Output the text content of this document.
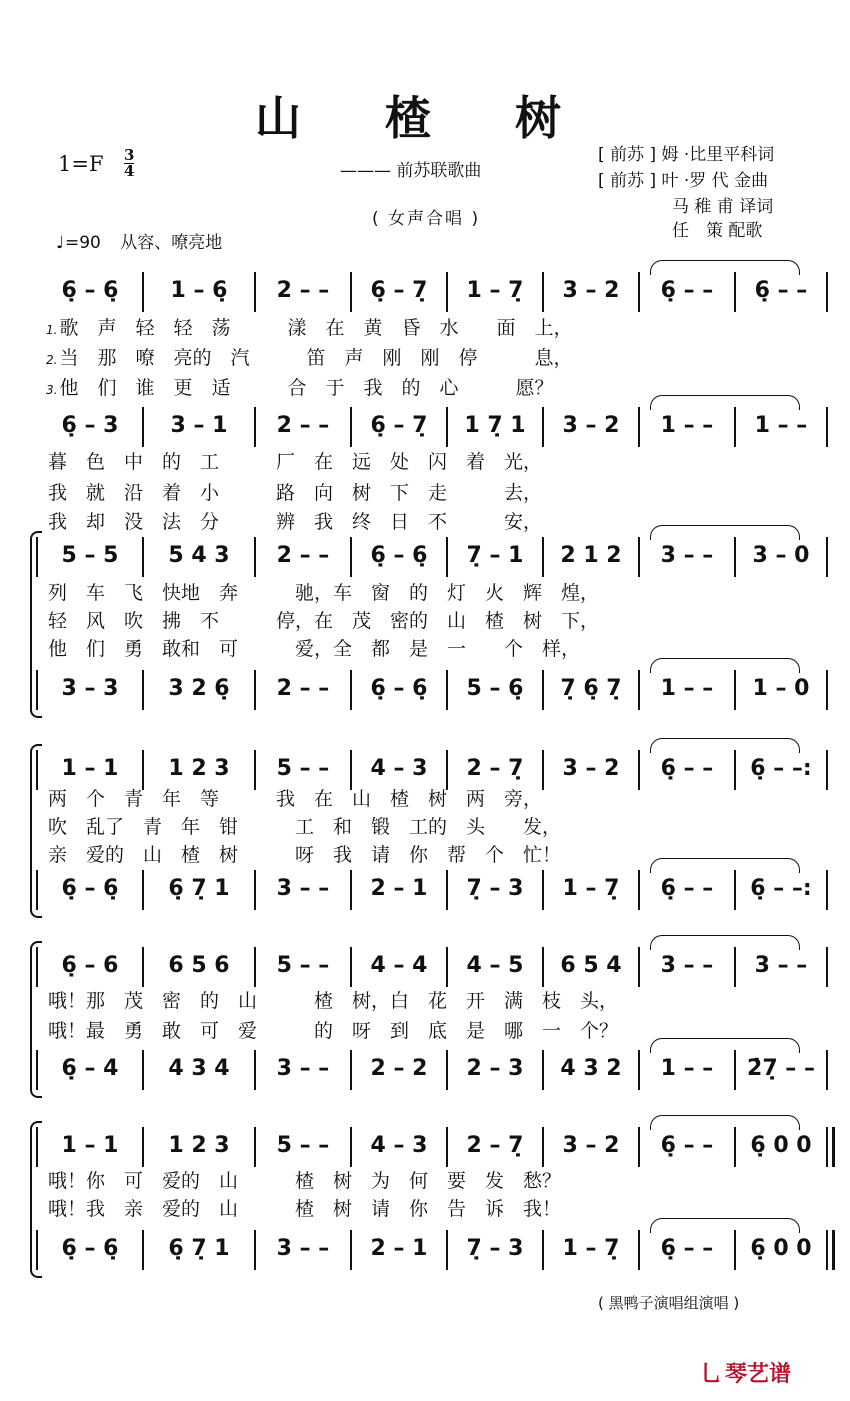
山 楂 树
1=F 3
4	——— 前苏联歌曲
( 女声合唱 )
♩=90 从容、嘹亮地
[ 前苏 ] 姆 ·比里平科词
[ 前苏 ] 叶 ·罗 代 金曲
马 稚 甫 译词
任　策 配歌
6̣ – 6̣	1 – 6̣	2 – –	6̣ – 7̣	1 – 7̣	3 – 2	6̣ – –	6̣ – –
1. 歌　声　轻　轻　荡　　　漾　在　黄　昏　水　　面　上，
2. 当　那　嘹　亮的　汽　　　笛　声　刚　刚　停　　　息，
3. 他　们　谁　更　适　　　合　于　我　的　心　　　愿？
6̣ – 3	3 – 1	2 – –	6̣ – 7̣	1 7̣ 1	3 – 2	1 – –	1 – –
暮　色　中　的　工　　　厂　在　远　处　闪　着　光，
我　就　沿　着　小　　　路　向　树　下　走　　　去，
我　却　没　法　分　　　辨　我　终　日　不　　　安，
5 – 5	5 4 3	2 – –	6̣ – 6̣	7̣ – 1	2 1 2	3 – –	3 – 0
列　车　飞　快地　奔　　　驰，车　窗　的　灯　火　辉　煌，
轻　风　吹　拂　不　　　停，在　茂　密的　山　楂　树　下，
他　们　勇　敢和　可　　　爱，全　都　是　一　　个　样，
3 – 3	3 2 6̣	2 – –	6̣ – 6̣	5 – 6̣	7̣ 6̣ 7̣	1 – –	1 – 0
1 – 1	1 2 3	5 – –	4 – 3	2 – 7̣	3 – 2	6̣ – –	6̣ – –:
两　个　青　年　等　　　我　在　山　楂　树　两　旁，
吹　乱了　青　年　钳　　　工　和　锻　工的　头　　发，
亲　爱的　山　楂　树　　　呀　我　请　你　帮　个　忙！
6̣ – 6̣	6̣ 7̣ 1	3 – –	2 – 1	7̣ – 3	1 – 7̣	6̣ – –	6̣ – –:
6̣ – 6	6 5 6	5 – –	4 – 4	4 – 5	6 5 4	3 – –	3 – –
哦！那　茂　密　的　山　　　楂　树，白　花　开　满　枝　头，
哦！最　勇　敢　可　爱　　　的　呀　到　底　是　哪　一　个？
6̣ – 4	4 3 4	3 – –	2 – 2	2 – 3	4 3 2	1 – –	2̇7̣ – –
1 – 1	1 2 3	5 – –	4 – 3	2 – 7̣	3 – 2	6̣ – –	6̣ 0 0
哦！你　可　爱的　山　　　楂　树　为　何　要　发　愁？
哦！我　亲　爱的　山　　　楂　树　请　你　告　诉　我！
6̣ – 6̣	6̣ 7̣ 1	3 – –	2 – 1	7̣ – 3	1 – 7̣	6̣ – –	6̣ 0 0
( 黑鸭子演唱组演唱 )
乚 琴艺谱
